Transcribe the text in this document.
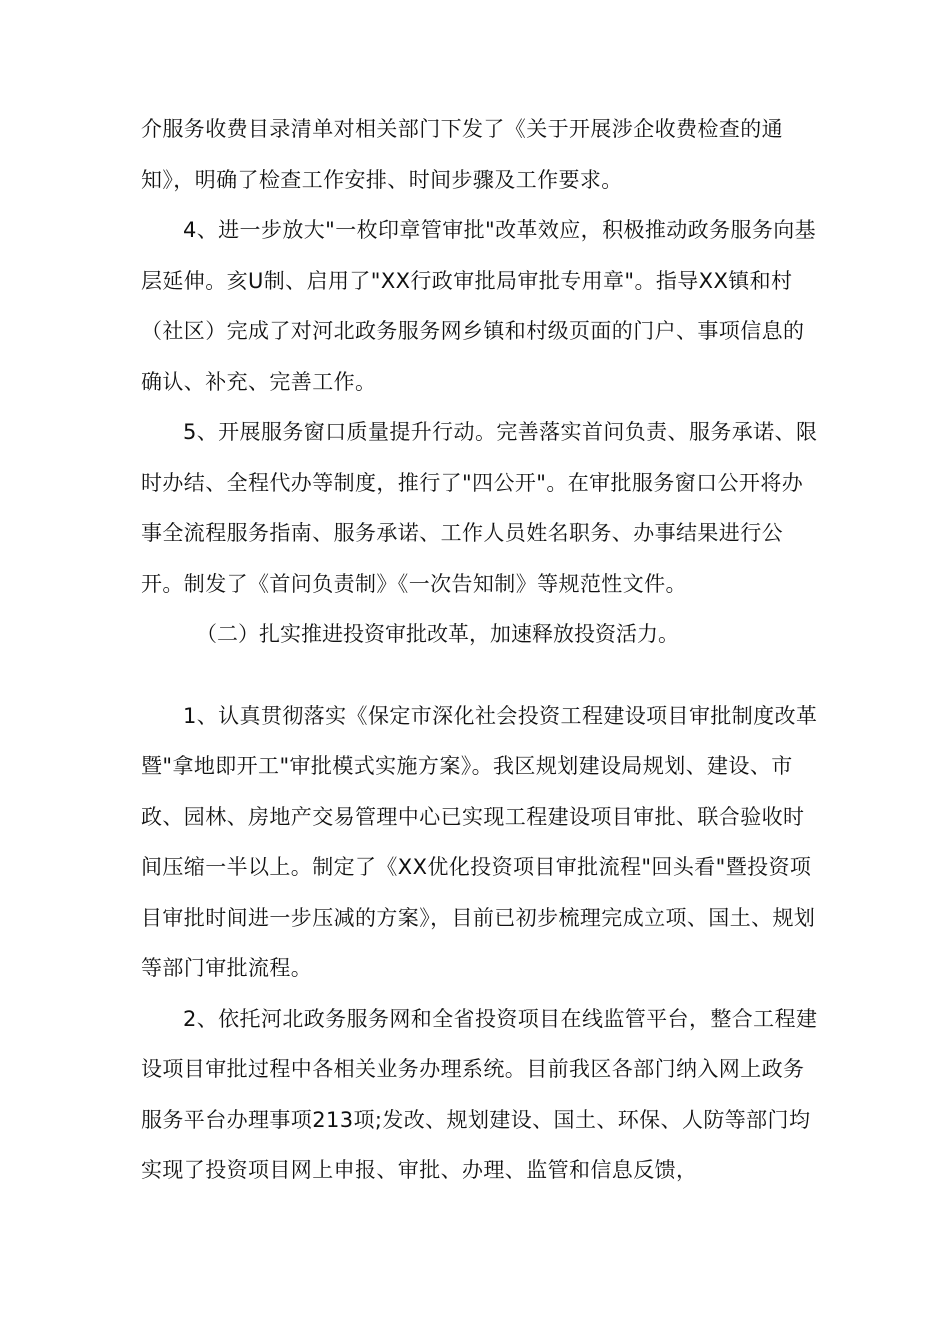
介服务收费目录清单对相关部门下发了《关于开展涉企收费检查的通知》，明确了检查工作安排、时间步骤及工作要求。

4、进一步放大"一枚印章管审批"改革效应，积极推动政务服务向基层延伸。亥U制、启用了"XX行政审批局审批专用章"。指导XX镇和村（社区）完成了对河北政务服务网乡镇和村级页面的门户、事项信息的确认、补充、完善工作。

5、开展服务窗口质量提升行动。完善落实首问负责、服务承诺、限时办结、全程代办等制度，推行了"四公开"。在审批服务窗口公开将办事全流程服务指南、服务承诺、工作人员姓名职务、办事结果进行公开。制发了《首问负责制》《一次告知制》等规范性文件。

（二）扎实推进投资审批改革，加速释放投资活力。

1、认真贯彻落实《保定市深化社会投资工程建设项目审批制度改革暨"拿地即开工"审批模式实施方案》。我区规划建设局规划、建设、市政、园林、房地产交易管理中心已实现工程建设项目审批、联合验收时间压缩一半以上。制定了《XX优化投资项目审批流程"回头看"暨投资项目审批时间进一步压减的方案》，目前已初步梳理完成立项、国土、规划等部门审批流程。

2、依托河北政务服务网和全省投资项目在线监管平台，整合工程建设项目审批过程中各相关业务办理系统。目前我区各部门纳入网上政务服务平台办理事项213项;发改、规划建设、国土、环保、人防等部门均实现了投资项目网上申报、审批、办理、监管和信息反馈，
